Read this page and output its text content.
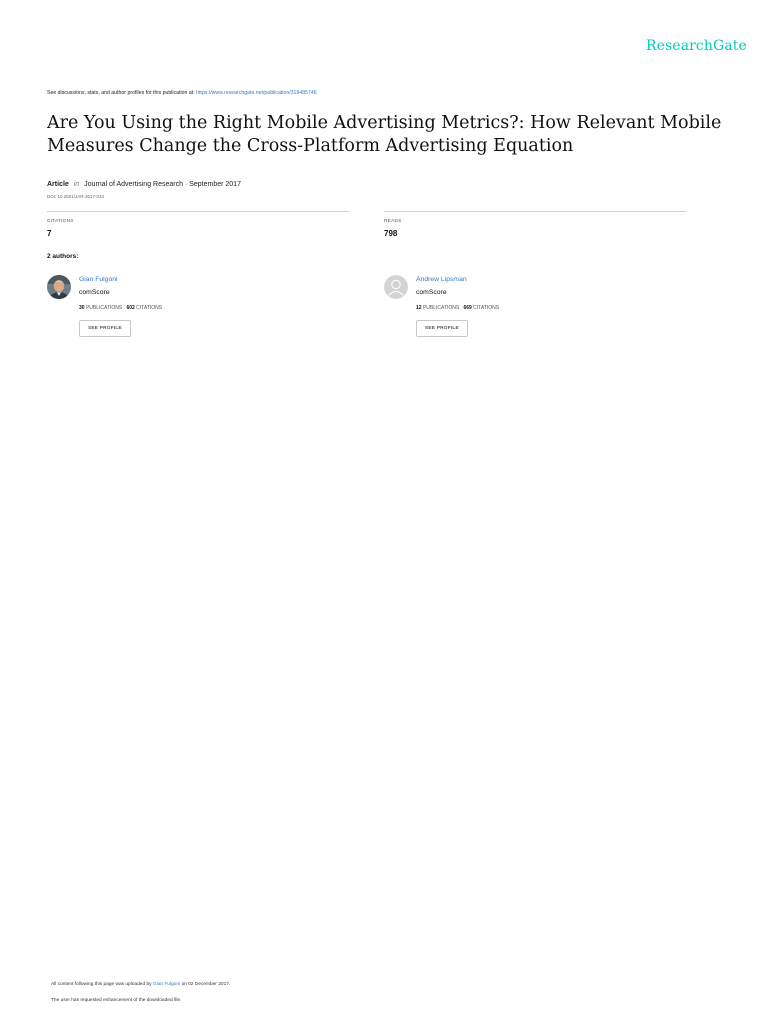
ResearchGate
See discussions, stats, and author profiles for this publication at: https://www.researchgate.net/publication/319485746
Are You Using the Right Mobile Advertising Metrics?: How Relevant Mobile Measures Change the Cross-Platform Advertising Equation
Article in Journal of Advertising Research · September 2017
DOI: 10.2501/JAR-2017-034
CITATIONS
7
READS
798
2 authors:
Gian Fulgoni
comScore
30 PUBLICATIONS 602 CITATIONS
SEE PROFILE
Andrew Lipsman
comScore
12 PUBLICATIONS 669 CITATIONS
SEE PROFILE
All content following this page was uploaded by Gian Fulgoni on 02 December 2017.
The user has requested enhancement of the downloaded file.
